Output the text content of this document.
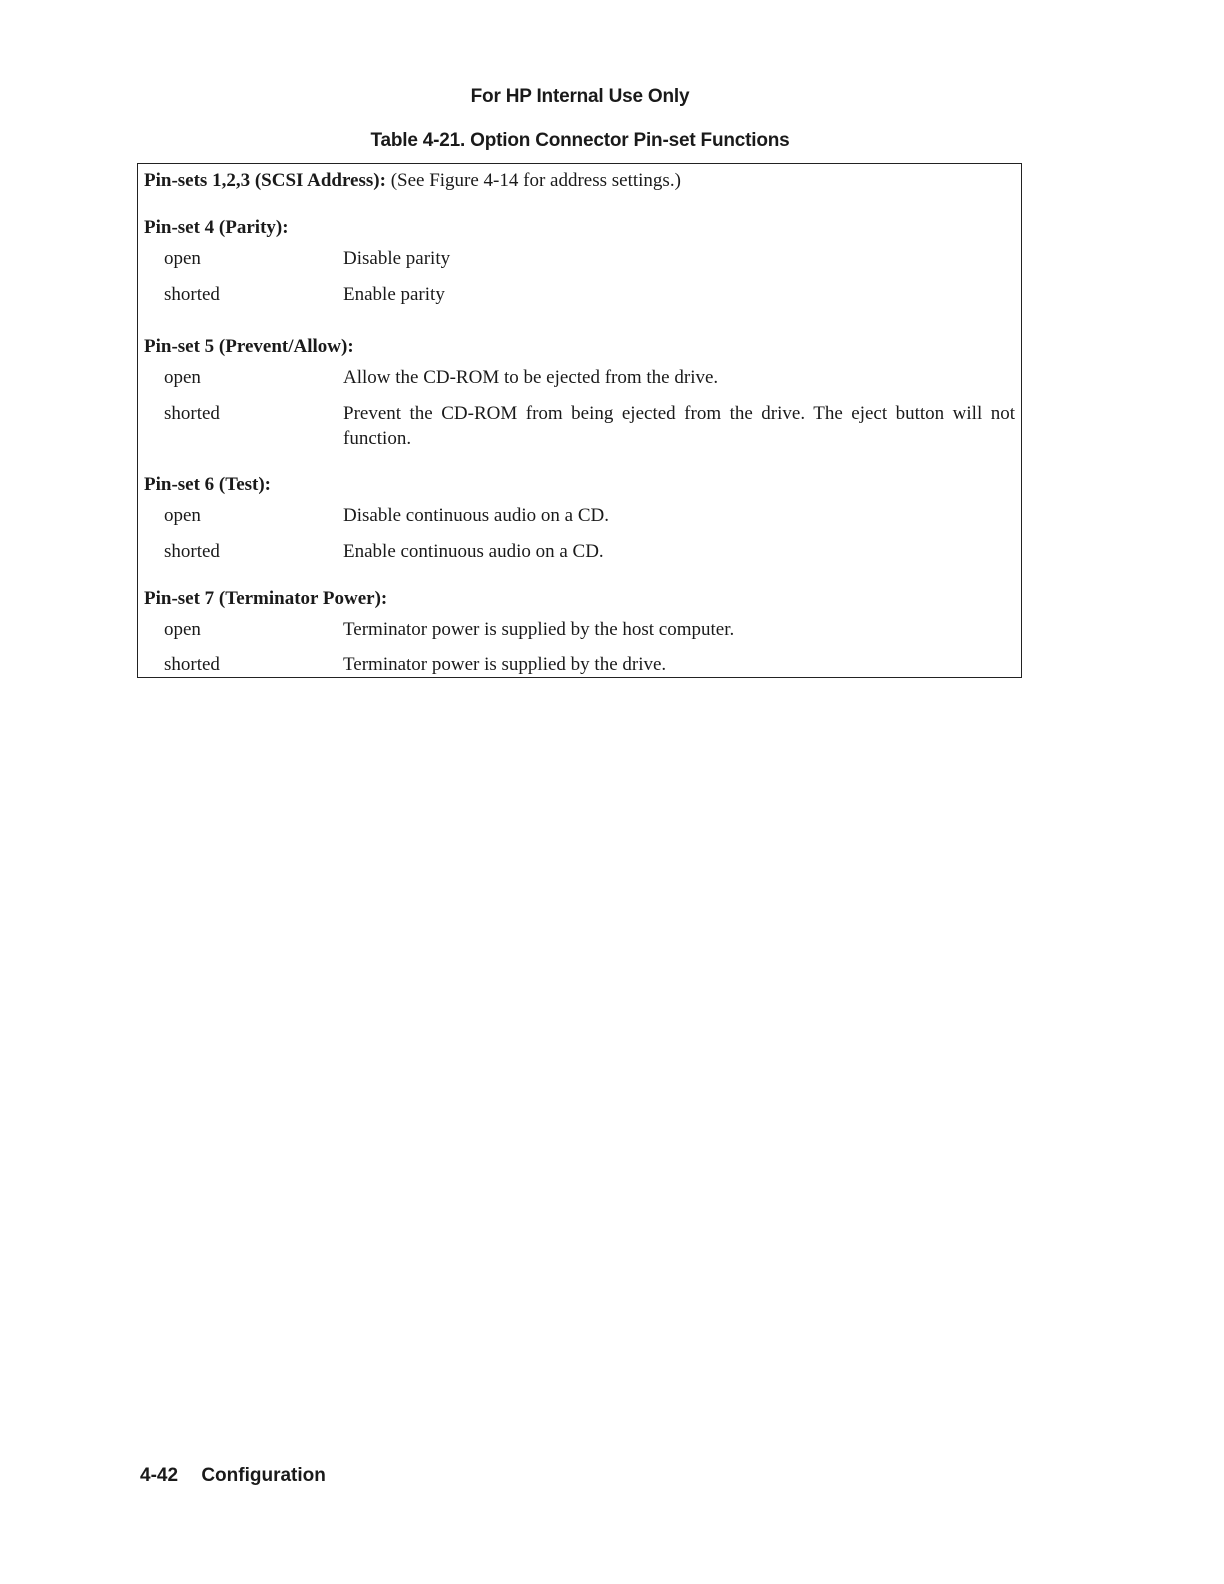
For HP Internal Use Only
Table 4-21. Option Connector Pin-set Functions
Pin-sets 1,2,3 (SCSI Address): (See Figure 4-14 for address settings.)
Pin-set 4 (Parity):
open	Disable parity
shorted	Enable parity
Pin-set 5 (Prevent/Allow):
open	Allow the CD-ROM to be ejected from the drive.
shorted	Prevent the CD-ROM from being ejected from the drive. The eject button will not function.
Pin-set 6 (Test):
open	Disable continuous audio on a CD.
shorted	Enable continuous audio on a CD.
Pin-set 7 (Terminator Power):
open	Terminator power is supplied by the host computer.
shorted	Terminator power is supplied by the drive.
4-42 Configuration
